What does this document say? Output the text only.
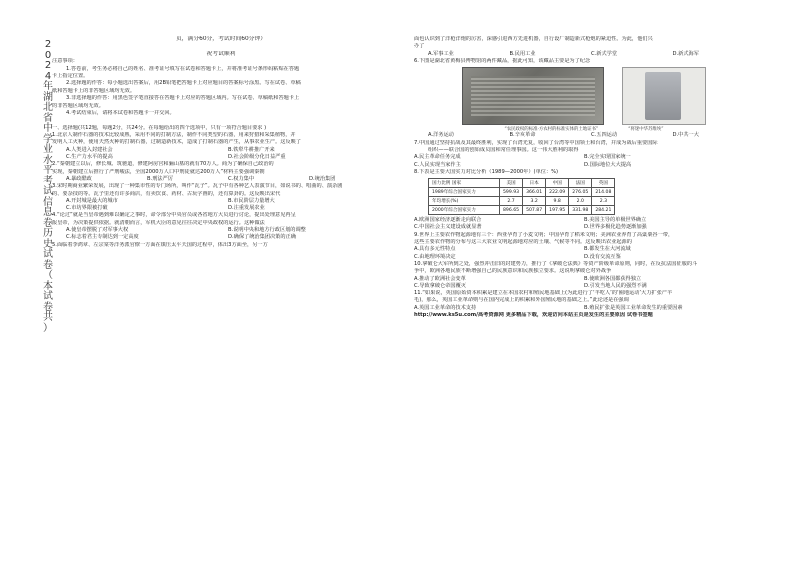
2
0
2
4
年
湖
北
省
中
学
业
水
平
考
试
信
息
卷
历
史
试
卷
（
本
试
卷
共
）

页，满分60分，考试时间60分钟）

祝考试顺利

注意事项：

1.答卷前，考生务必将自己的姓名、准考证号填写在试卷和答题卡上，并将准考证号条形码粘贴在答题

卡上指定位置。

2.选择题的作答：每小题选出答案后，用2B铅笔把答题卡上对应题目的答案标号涂黑。写在试卷、草稿

纸和答题卡上的非答题区域均无效。

3.非选择题的作答：用黑色签字笔直接答在答题卡上对应的答题区域内。写在试卷、草稿纸和答题卡上

的非答题区域均无效。

4.考试结束后，请将本试卷和答题卡一并交回。

一、选择题(共12题，每题2分，共24分。在每题给出的四个选项中，只有一项符合题目要求 )

1.北京人制作石器的技术比较成熟，采用不同的打制方法，制作不同类型的石器，用来狩猎和采集植物，并

发明人工火种，使用天然火种的打制石器，过制造新技术，造成了打制石器的产生，从事农业生产。这反映了

A.人类进入封建社会	B.铁犁牛耕推广开来
C.生产力水平的提高	D.社会阶级分化日益严重

2.“秦朝建立以后，修长城、筑驰道，修建阿房宫和骊山墓的就有70万人。商为了确保自己政治的

实现，秦朝建立后推行了严刑峻法，全国2000万人口中刑徒就达200万人”材料主要强调秦朝

A.暴政酷政	B.刑法严厉	C.权力集中	D.统治集团

3.宋时期商业繁荣发展，出现了一种集市性的专门场所，叫作“瓦子”。瓦子中有各种艺人表演节目，如说书的、唱曲的、演杂剧

的、要杂技的等。瓦子里还有许多商店，有卖饮食、药材、古玩字画的，还有算卦的。这反映出宋代

A.开封城是最大的城市	B.市民阶层力量增大
C.市坊界限被打破	D.注重发展农业

4.“论过”就是当皇帝遇到难以确定之事时，命令部分中央官员或各省地方大员进行讨论，提出处理意见再呈

报皇帝，为决策提供依据。就清朝而言，军机大臣的意见往往决定中央政权的运行。这种做法

A.使皇帝摆脱了对军事大权	B.说明中央和地方行政区划的调整
C.标志着君主专制达到一定高度	D.确保了统治集团决策的正确

5.面临着李鸿章、左宗棠等洋务派官僚一方面在镇压太平天国的过程中，体出3方面至，另一方

面也认识到了洋枪洋炮的厉害，深感引进西方先进机器，自行设厂制造新式枪炮的紧迫性。为此，他们兴

办了

A.军事工业	B.民用工业	C.新式学堂	D.新式海军

6.下图是湖北省黄梅县博物馆的两件藏品，据此可知，该藏品主要是为了纪念

“农民政权的标准·方农村的标准实体的土地证书”	“将迷中华苏维埃”
A.洋务运动	B.辛亥革命	C.五四运动	D.中共一大

7.中国通过坚持抗战及其最终胜利，实现了台湾光复，收回了台湾等中国领土和台湾，并成为战后重要国际

组织——联合国的创始成员国和常任理事国。这一伟大胜利的取得

A.民主革命任务完成	B.完全实现国家统一
C.人民实现当家作主	D.国际地位大大提高

8.下表是主要大国实力对比分析（1989—2000年）(单位：%)

国力比例 国家	美国	日本	中国	法国	英国
1989年综合国家实力	599.93	366.01	222.09	276.05	214.08
年均增长(%)	2.7	3.2	9.8	2.0	2.3
2000年综合国家实力	896.65	507.87	197.95	331.98	284.21
A.欧洲国家经济逐渐走向联合	B.美国主导的单极世界确立
C.中国社会主义建设成就显著	D.世界多极化趋势逐渐加强

9.世界上主要农作物起源地有三个：西亚孕育了小麦文明；中国孕育了稻米文明；美洲农业养育了高粱粟谷一带，

这些主要农作物的分布与这三大农业文明起源地对应的土壤、气候等不同。这反映出农业起源的

A.具有多元性特点	B.都发生在大河流域
C.由地理环境决定	D.没有交流互鉴

10.拿破仑大军所到之处，强烈冲击旧的封建势力，推行了《拿破仑法典》等资产阶级革命原则，同时，在反抗法国征服的斗

争中，欧洲各地民族不断增强自己的民族意识和民族独立要求。这说明拿破仑对外战争

A.推动了欧洲社会变革	B.使欧洲各国都获得独立
C.导致拿破仑帝国覆灭	D.引发当地人民的强烈不满

11.“如果说，英国原始资本积累是建立在本国农村和殖民地基础上(为此进行了‘羊吃人’的‘圈地运动’大力扩张产羊

毛)，那么，英国工业革命则与在国内完成上的积累和外国殖民地的基础之上。”此论述是在强调

A.英国工业革命的技术支持	B.殖民扩张是英国工业革命发生的重要因素

http://www.ks5u.com/高考资源网 更多精品下载，欢迎访问本站主页是发生的主要原因 试卷书签题
